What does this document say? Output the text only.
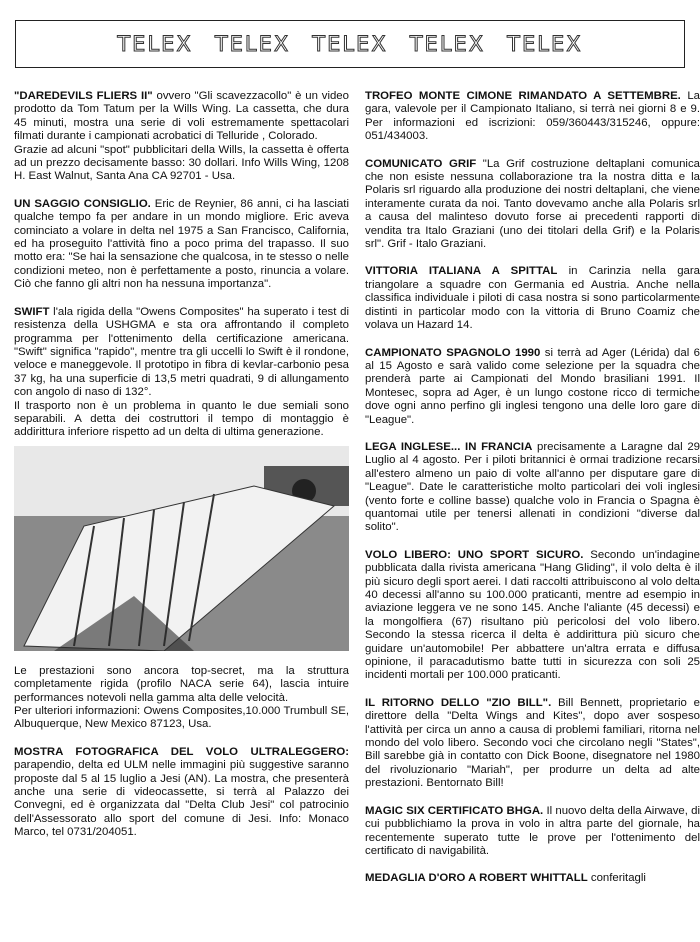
TELEX TELEX TELEX TELEX TELEX

"DAREDEVILS FLIERS II" ovvero "Gli scavezzacollo" è un video prodotto da Tom Tatum per la Wills Wing. La cassetta, che dura 45 minuti, mostra una serie di voli estremamente spettacolari filmati durante i campionati acrobatici di Telluride , Colorado.

Grazie ad alcuni "spot" pubblicitari della Wills, la cassetta è offerta ad un prezzo decisamente basso: 30 dollari. Info Wills Wing, 1208 H. East Walnut, Santa Ana CA 92701 - Usa.

UN SAGGIO CONSIGLIO. Eric de Reynier, 86 anni, ci ha lasciati qualche tempo fa per andare in un mondo migliore. Eric aveva cominciato a volare in delta nel 1975 a San Francisco, California, ed ha proseguito l'attività fino a poco prima del trapasso. Il suo motto era: "Se hai la sensazione che qualcosa, in te stesso o nelle condizioni meteo, non è perfettamente a posto, rinuncia a volare. Ciò che fanno gli altri non ha nessuna importanza".

SWIFT l'ala rigida della "Owens Composites" ha superato i test di resistenza della USHGMA e sta ora affrontando il completo programma per l'ottenimento della certificazione americana. "Swift" significa "rapido", mentre tra gli uccelli lo Swift è il rondone, veloce e maneggevole. Il prototipo in fibra di kevlar-carbonio pesa 37 kg, ha una superficie di 13,5 metri quadrati, 9 di allungamento con angolo di naso di 132°.

Il trasporto non è un problema in quanto le due semiali sono separabili. A detta dei costruttori il tempo di montaggio è addirittura inferiore rispetto ad un delta di ultima generazione.

Le prestazioni sono ancora top-secret, ma la struttura completamente rigida (profilo NACA serie 64), lascia intuire performances notevoli nella gamma alta delle velocità.

Per ulteriori informazioni: Owens Composites,10.000 Trumbull SE, Albuquerque, New Mexico 87123, Usa.

MOSTRA FOTOGRAFICA DEL VOLO ULTRALEGGERO: parapendio, delta ed ULM nelle immagini più suggestive saranno proposte dal 5 al 15 luglio a Jesi (AN). La mostra, che presenterà anche una serie di videocassette, si terrà al Palazzo dei Convegni, ed è organizzata dal "Delta Club Jesi" col patrocinio dell'Assessorato allo sport del comune di Jesi. Info: Monaco Marco, tel 0731/204051.

TROFEO MONTE CIMONE RIMANDATO A SETTEMBRE. La gara, valevole per il Campionato Italiano, si terrà nei giorni 8 e 9. Per informazioni ed iscrizioni: 059/360443/315246, oppure: 051/434003.

COMUNICATO GRIF "La Grif costruzione deltaplani comunica che non esiste nessuna collaborazione tra la nostra ditta e la Polaris srl riguardo alla produzione dei nostri deltaplani, che viene interamente curata da noi. Tanto dovevamo anche alla Polaris srl a causa del malinteso dovuto forse ai precedenti rapporti di vendita tra Italo Graziani (uno dei titolari della Grif) e la Polaris srl". Grif - Italo Graziani.

VITTORIA ITALIANA A SPITTAL in Carinzia nella gara triangolare a squadre con Germania ed Austria. Anche nella classifica individuale i piloti di casa nostra si sono particolarmente distinti in particolar modo con la vittoria di Bruno Coamiz che volava un Hazard 14.

CAMPIONATO SPAGNOLO 1990 si terrà ad Ager (Lérida) dal 6 al 15 Agosto e sarà valido come selezione per la squadra che prenderà parte ai Campionati del Mondo brasiliani 1991. Il Montesec, sopra ad Ager, è un lungo costone ricco di termiche dove ogni anno perfino gli inglesi tengono una delle loro gare di "League".

LEGA INGLESE... IN FRANCIA precisamente a Laragne dal 29 Luglio al 4 agosto. Per i piloti britannici è ormai tradizione recarsi all'estero almeno un paio di volte all'anno per disputare gare di "League". Date le caratteristiche molto particolari dei voli inglesi (vento forte e colline basse) qualche volo in Francia o Spagna è quantomai utile per tenersi allenati in condizioni "diverse dal solito".

VOLO LIBERO: UNO SPORT SICURO. Secondo un'indagine pubblicata dalla rivista americana "Hang Gliding", il volo delta è il più sicuro degli sport aerei. I dati raccolti attribuiscono al volo delta 40 decessi all'anno su 100.000 praticanti, mentre ad esempio in aviazione leggera ve ne sono 145. Anche l'aliante (45 decessi) e la mongolfiera (67) risultano più pericolosi del volo libero. Secondo la stessa ricerca il delta è addirittura più sicuro che guidare un'automobile! Per abbattere un'altra errata e diffusa opinione, il paracadutismo batte tutti in sicurezza con soli 25 incidenti mortali per 100.000 praticanti.

IL RITORNO DELLO "ZIO BILL". Bill Bennett, proprietario e direttore della "Delta Wings and Kites", dopo aver sospeso l'attività per circa un anno a causa di problemi familiari, ritorna nel mondo del volo libero. Secondo voci che circolano negli "States", Bill sarebbe già in contatto con Dick Boone, disegnatore nel 1980 del rivoluzionario "Mariah", per produrre un delta ad alte prestazioni. Bentornato Bill!

MAGIC SIX CERTIFICATO BHGA. Il nuovo delta della Airwave, di cui pubblichiamo la prova in volo in altra parte del giornale, ha recentemente superato tutte le prove per l'ottenimento del certificato di navigabilità.

MEDAGLIA D'ORO A ROBERT WHITTALL conferitagli
